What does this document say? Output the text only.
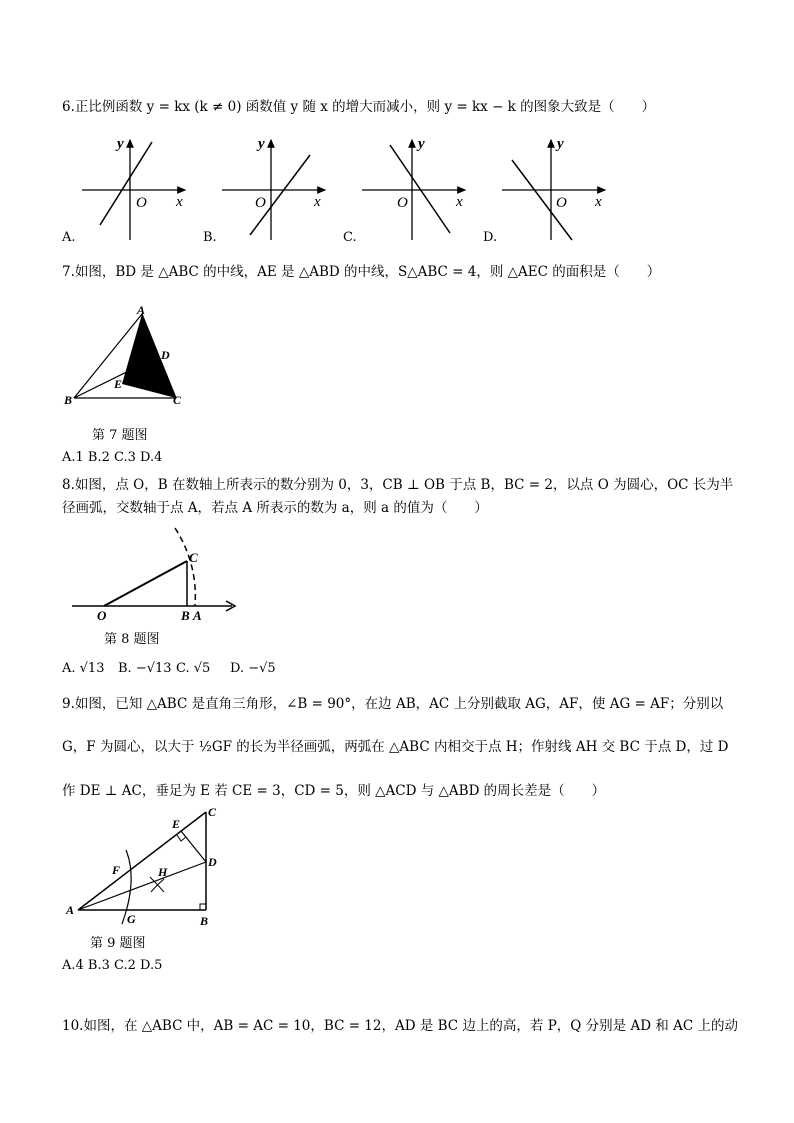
6.正比例函数 y = kx (k ≠ 0) 函数值 y 随 x 的增大而减小，则 y = kx − k 的图象大致是（　　）
y
x
O
y
x
O
y
x
O
y
x
O
A.	B.	C.	D.
7.如图，BD 是 △ABC 的中线，AE 是 △ABD 的中线，S△ABC = 4，则 △AEC 的面积是（　　）
A
B	C
D
E
第 7 题图
A.1 B.2 C.3 D.4
8.如图，点 O，B 在数轴上所表示的数分别为 0，3，CB ⊥ OB 于点 B，BC = 2，以点 O 为圆心，OC 长为半
径画弧，交数轴于点 A，若点 A 所表示的数为 a，则 a 的值为（　　）
O	B A
C
第 8 题图
A. √13 B. −√13 C. √5 D. −√5
9.如图，已知 △ABC 是直角三角形，∠B = 90°，在边 AB，AC 上分别截取 AG，AF，使 AG = AF；分别以
G，F 为圆心，以大于 ½GF 的长为半径画弧，两弧在 △ABC 内相交于点 H；作射线 AH 交 BC 于点 D，过 D
作 DE ⊥ AC，垂足为 E 若 CE = 3，CD = 5，则 △ACD 与 △ABD 的周长差是（　　）
A
B
C
D
E
F
G
H
第 9 题图
A.4 B.3 C.2 D.5
10.如图，在 △ABC 中，AB = AC = 10，BC = 12，AD 是 BC 边上的高，若 P，Q 分别是 AD 和 AC 上的动
